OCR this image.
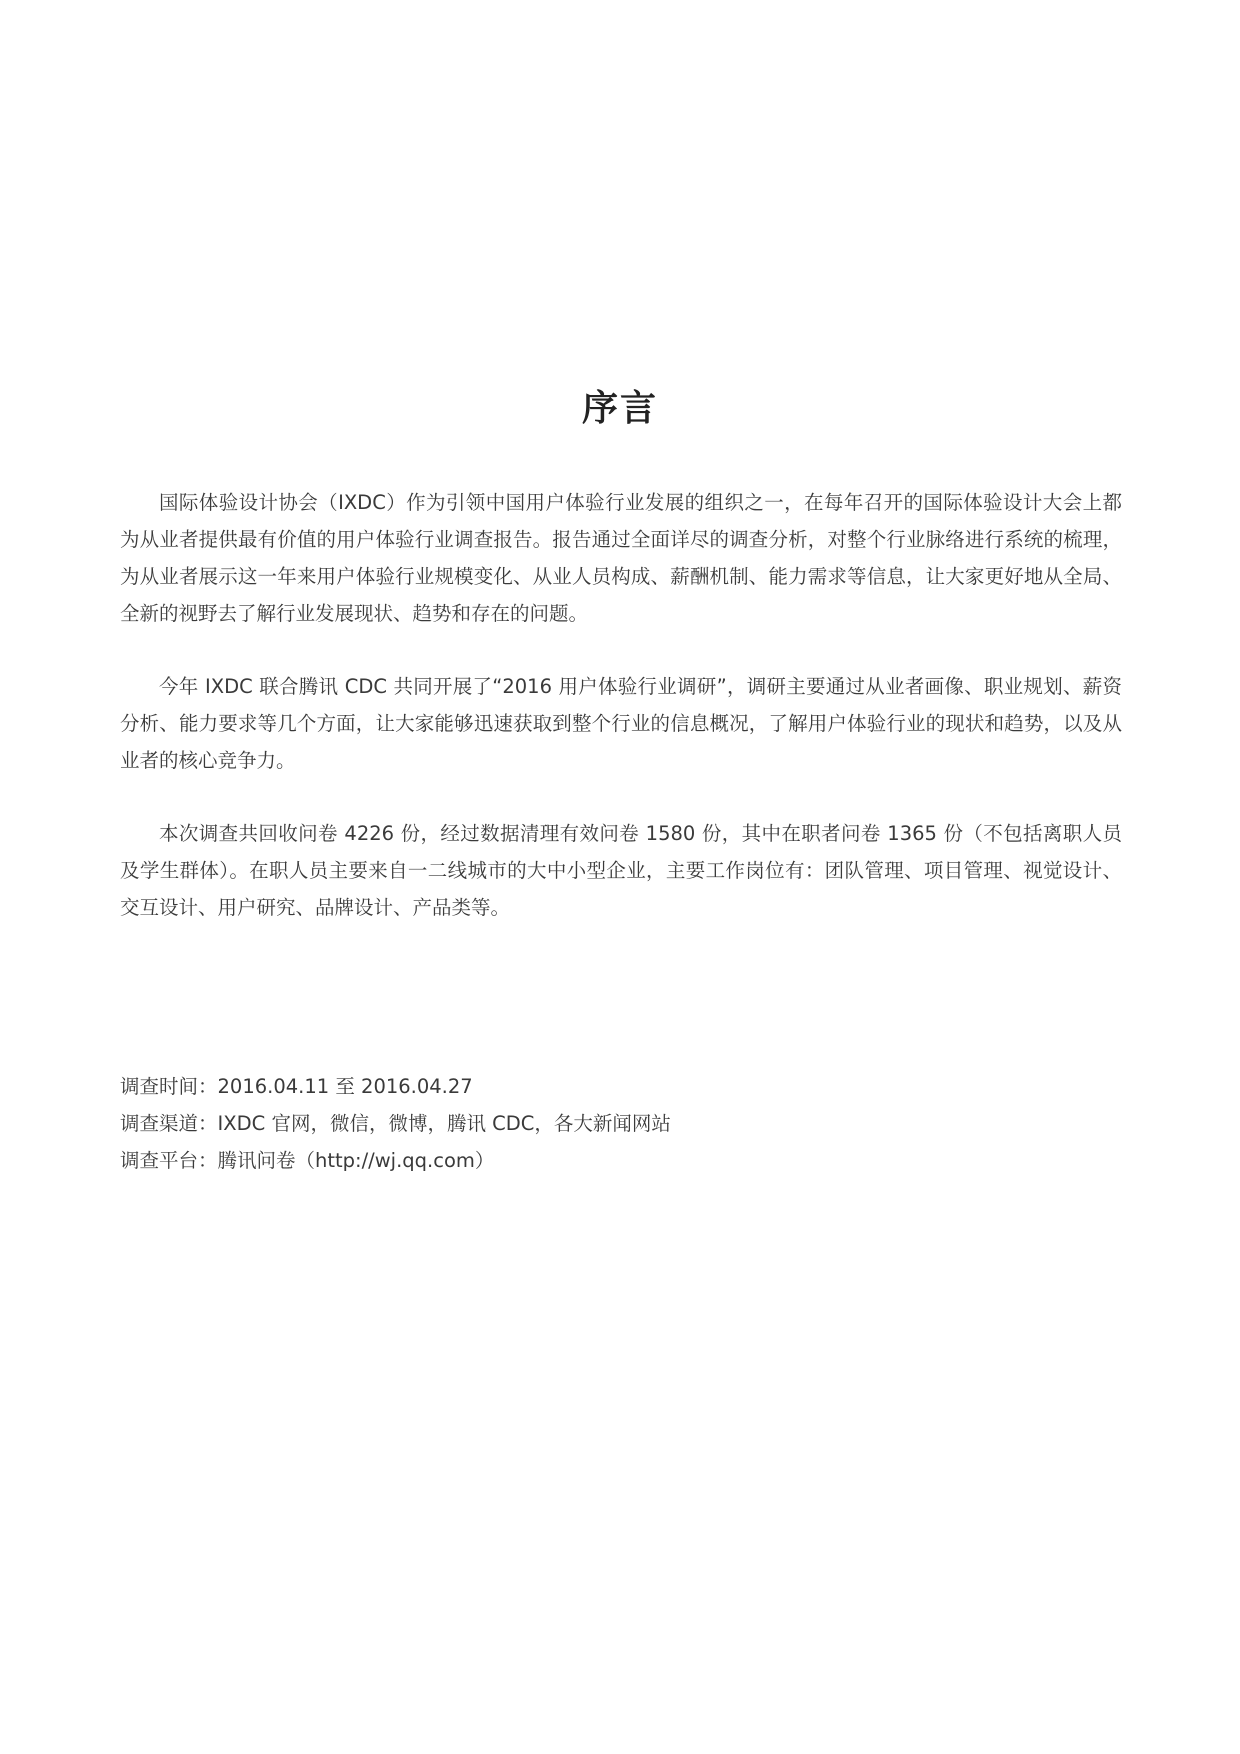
序言

国际体验设计协会（IXDC）作为引领中国用户体验行业发展的组织之一，在每年召开的国际体验设计大会上都为从业者提供最有价值的用户体验行业调查报告。报告通过全面详尽的调查分析，对整个行业脉络进行系统的梳理，为从业者展示这一年来用户体验行业规模变化、从业人员构成、薪酬机制、能力需求等信息，让大家更好地从全局、全新的视野去了解行业发展现状、趋势和存在的问题。

今年 IXDC 联合腾讯 CDC 共同开展了“2016 用户体验行业调研”，调研主要通过从业者画像、职业规划、薪资分析、能力要求等几个方面，让大家能够迅速获取到整个行业的信息概况，了解用户体验行业的现状和趋势，以及从业者的核心竞争力。

本次调查共回收问卷 4226 份，经过数据清理有效问卷 1580 份，其中在职者问卷 1365 份（不包括离职人员及学生群体）。在职人员主要来自一二线城市的大中小型企业，主要工作岗位有：团队管理、项目管理、视觉设计、交互设计、用户研究、品牌设计、产品类等。

调查时间：2016.04.11 至 2016.04.27
调查渠道：IXDC 官网，微信，微博，腾讯 CDC，各大新闻网站
调查平台：腾讯问卷（http://wj.qq.com）
